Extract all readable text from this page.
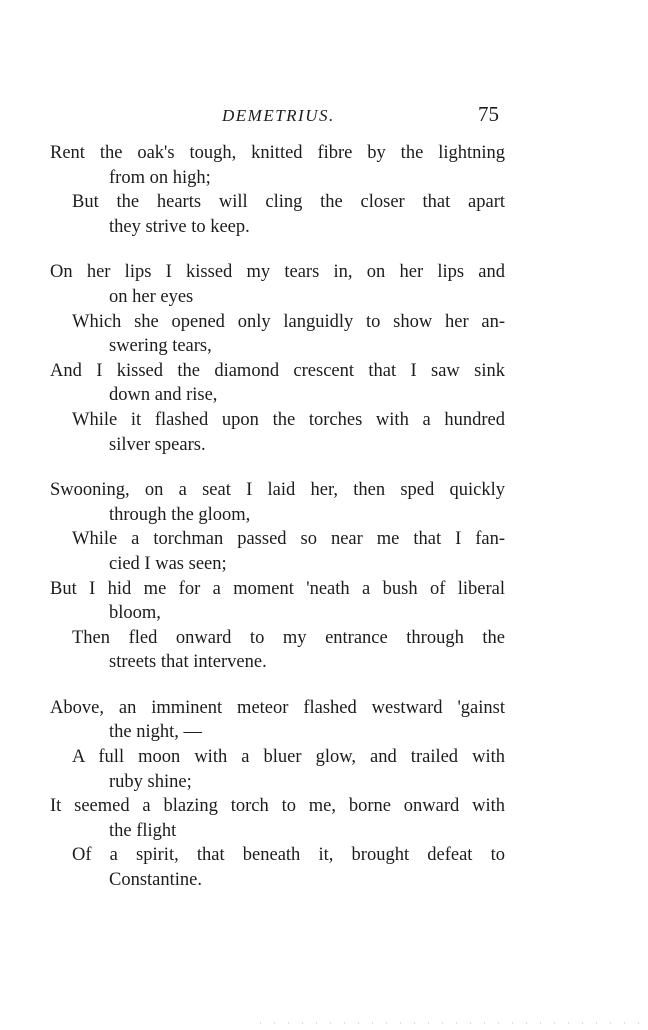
DEMETRIUS.	75
Rent the oak's tough, knitted fibre by the lightning
from on high;
But the hearts will cling the closer that apart
they strive to keep.
On her lips I kissed my tears in, on her lips and
on her eyes
Which she opened only languidly to show her an-
swering tears,
And I kissed the diamond crescent that I saw sink
down and rise,
While it flashed upon the torches with a hundred
silver spears.
Swooning, on a seat I laid her, then sped quickly
through the gloom,
While a torchman passed so near me that I fan-
cied I was seen;
But I hid me for a moment 'neath a bush of liberal
bloom,
Then fled onward to my entrance through the
streets that intervene.
Above, an imminent meteor flashed westward 'gainst
the night, —
A full moon with a bluer glow, and trailed with
ruby shine;
It seemed a blazing torch to me, borne onward with
the flight
Of a spirit, that beneath it, brought defeat to
Constantine.
